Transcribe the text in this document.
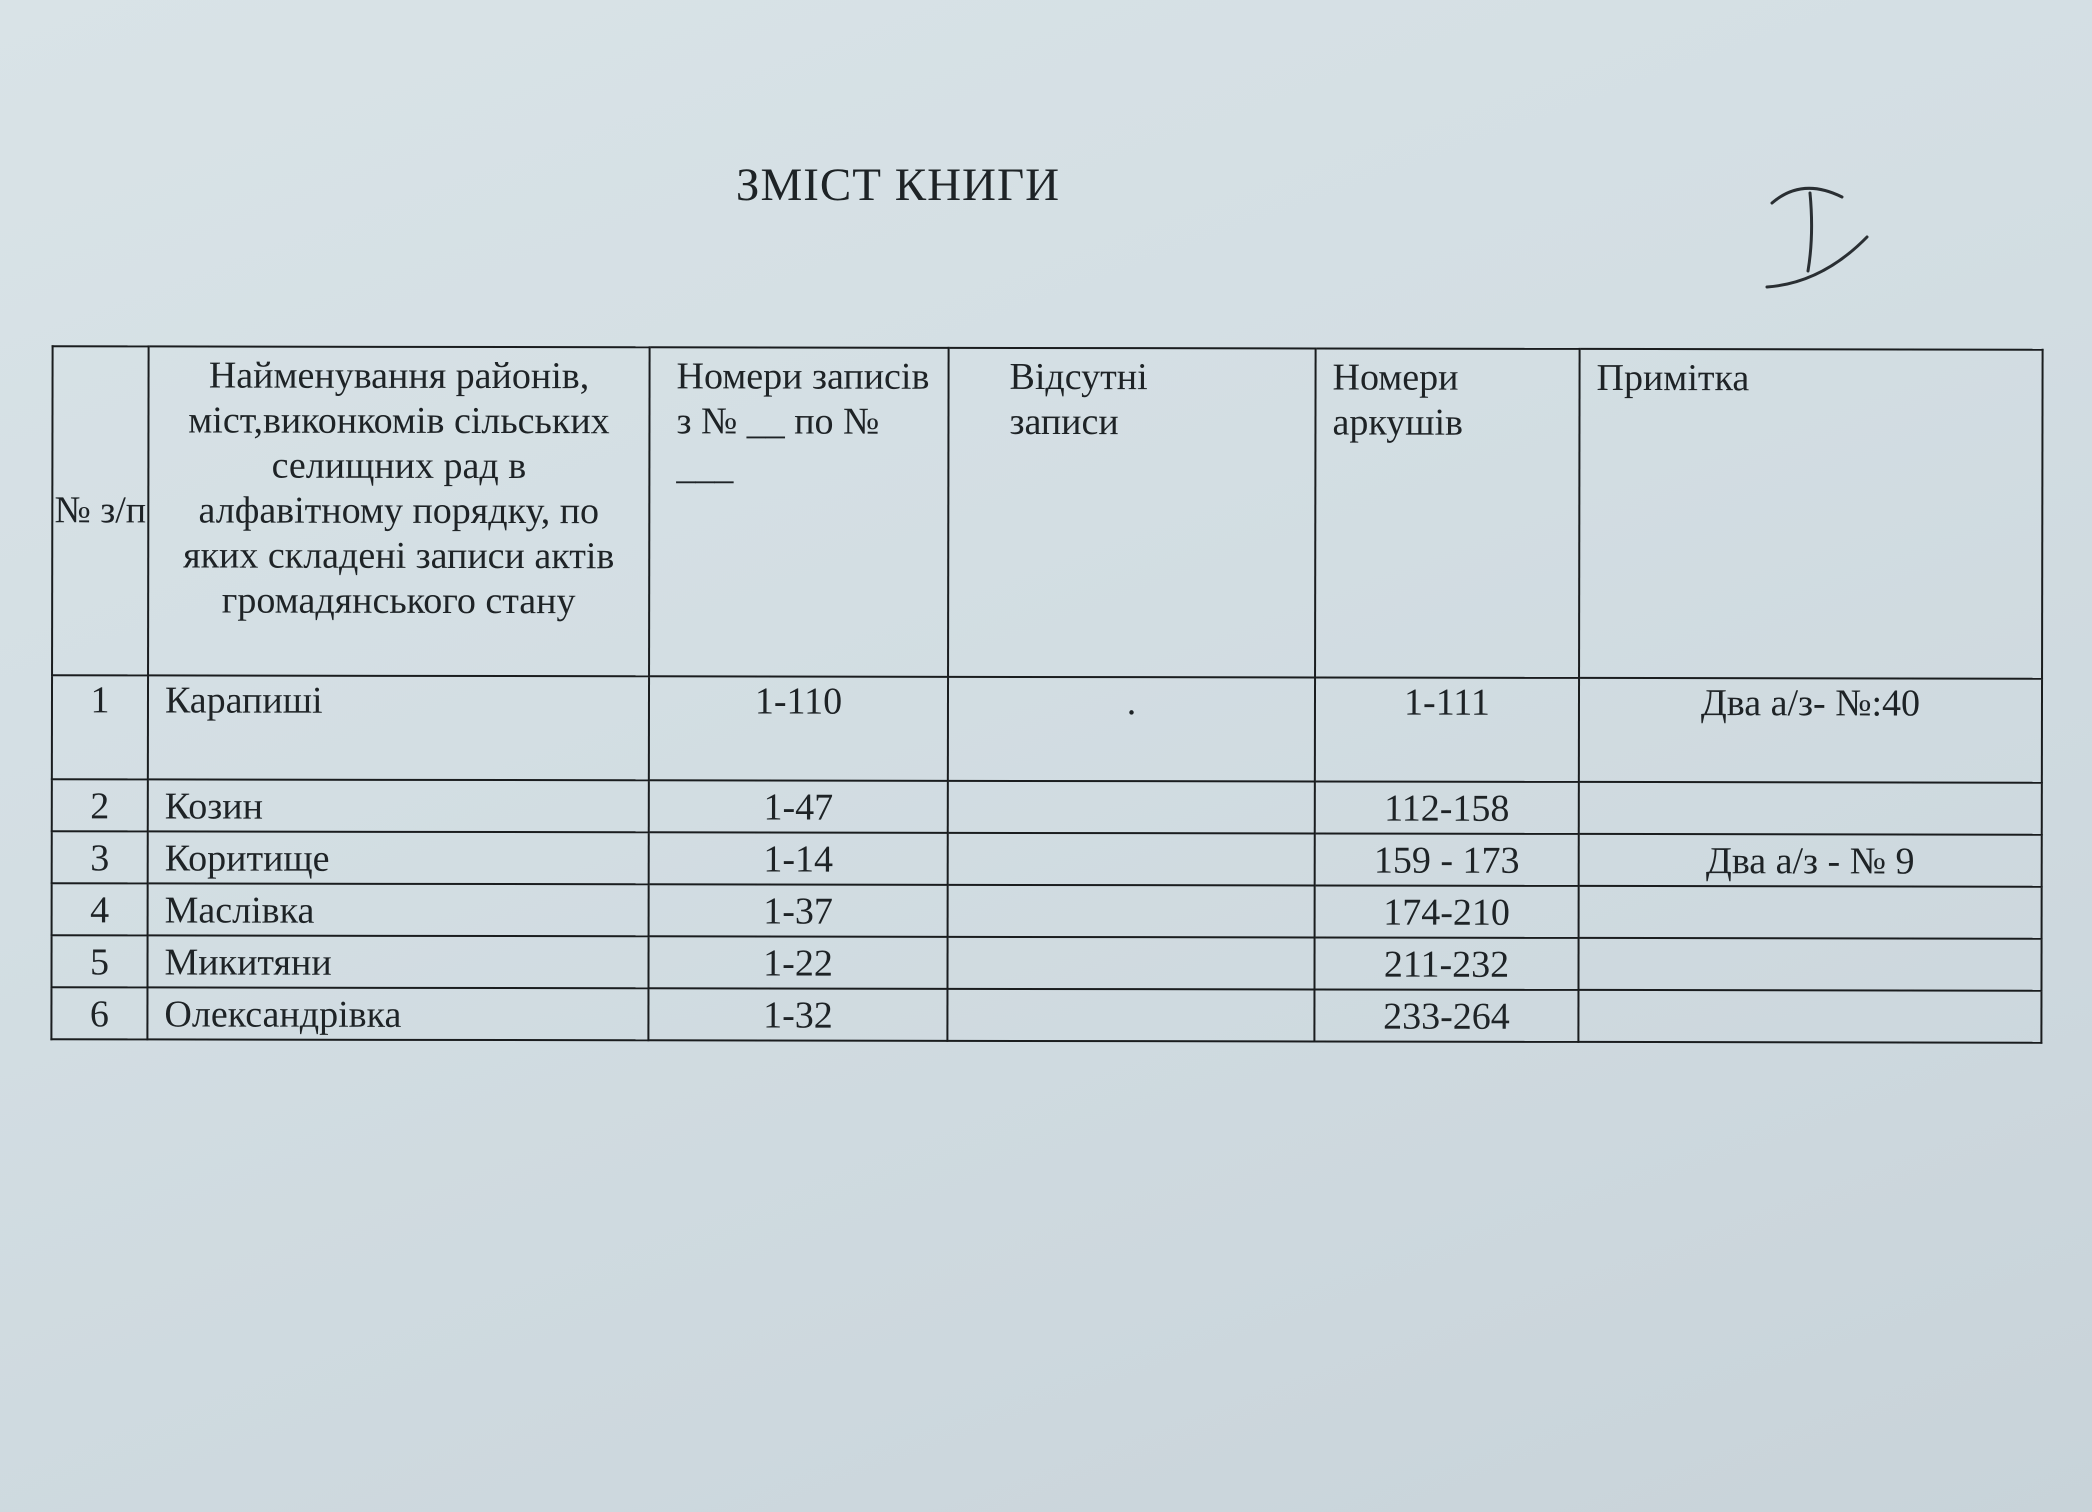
ЗМІСТ КНИГИ
№ з/п	Найменування районів, міст,виконкомів сільських селищних рад в алфавітному порядку, по яких складені записи актів громадянського стану	Номери записів з № __ по № ___	Відсутні записи	Номери аркушів	Примітка
1	Карапиші	1-110	.	1-111	Два а/з- №:40
2	Козин	1-47		112-158	
3	Коритище	1-14		159 - 173	Два а/з - № 9
4	Маслівка	1-37		174-210	
5	Микитяни	1-22		211-232	
6	Олександрівка	1-32		233-264	
